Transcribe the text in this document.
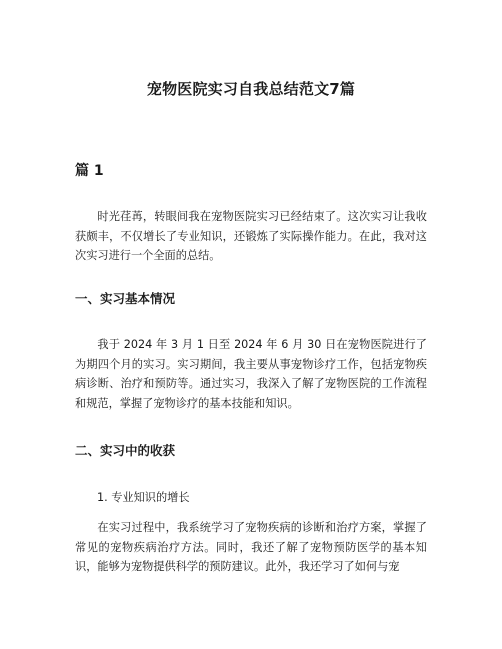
宠物医院实习自我总结范文7篇
篇 1

时光荏苒，转眼间我在宠物医院实习已经结束了。这次实习让我收获颇丰，不仅增长了专业知识，还锻炼了实际操作能力。在此，我对这次实习进行一个全面的总结。

一、实习基本情况

我于 2024 年 3 月 1 日至 2024 年 6 月 30 日在宠物医院进行了为期四个月的实习。实习期间，我主要从事宠物诊疗工作，包括宠物疾病诊断、治疗和预防等。通过实习，我深入了解了宠物医院的工作流程和规范，掌握了宠物诊疗的基本技能和知识。

二、实习中的收获

1. 专业知识的增长

在实习过程中，我系统学习了宠物疾病的诊断和治疗方案，掌握了常见的宠物疾病治疗方法。同时，我还了解了宠物预防医学的基本知识，能够为宠物提供科学的预防建议。此外，我还学习了如何与宠
